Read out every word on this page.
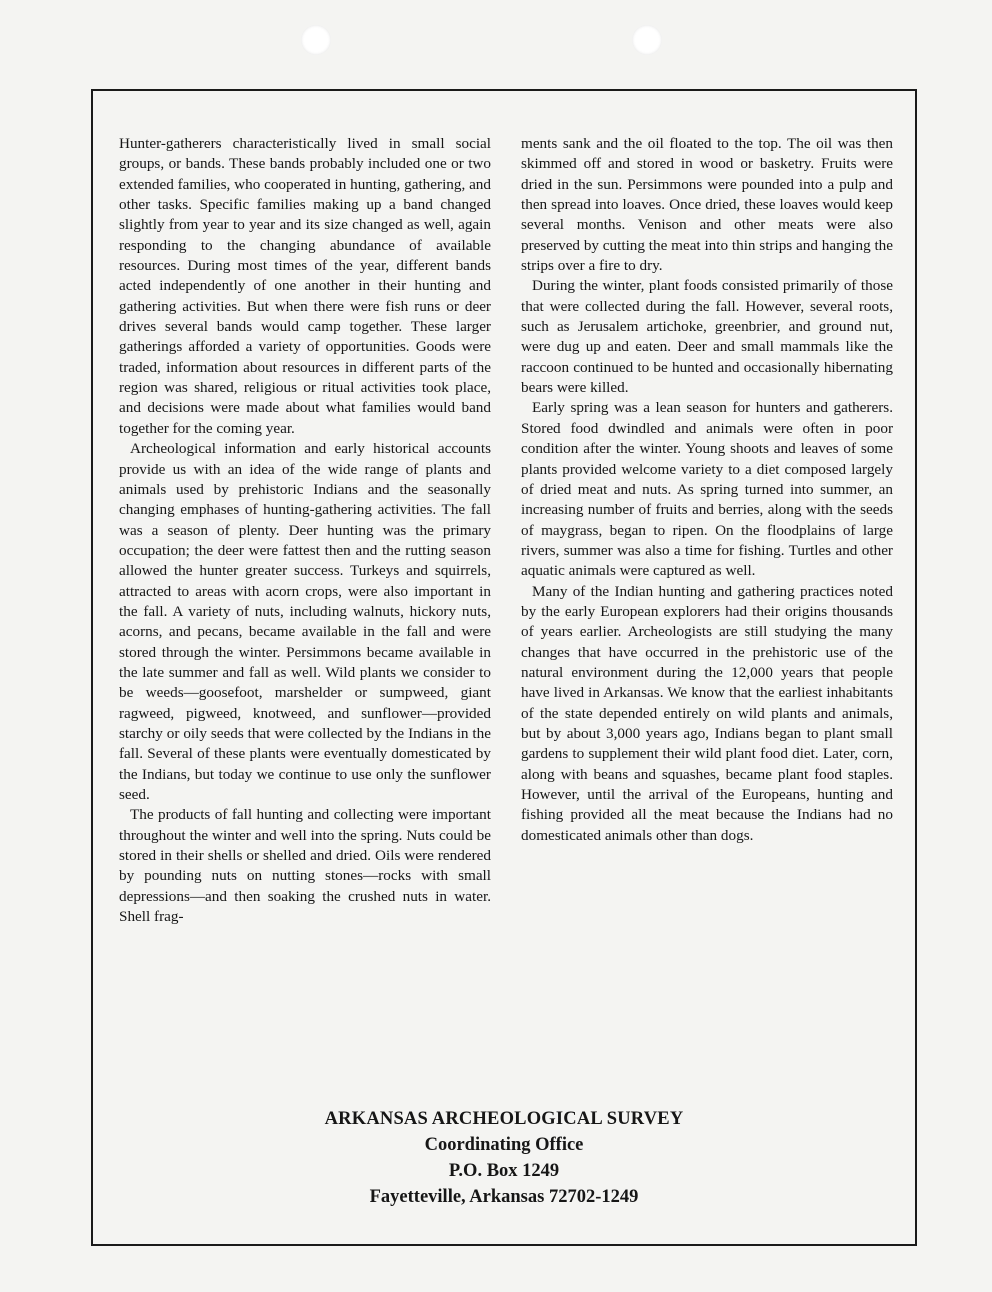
Hunter-gatherers characteristically lived in small social groups, or bands. These bands probably included one or two extended families, who cooperated in hunting, gathering, and other tasks. Specific families making up a band changed slightly from year to year and its size changed as well, again responding to the changing abundance of available resources. During most times of the year, different bands acted independently of one another in their hunting and gathering activities. But when there were fish runs or deer drives several bands would camp together. These larger gatherings afforded a variety of opportunities. Goods were traded, information about resources in different parts of the region was shared, religious or ritual activities took place, and decisions were made about what families would band together for the coming year.

Archeological information and early historical accounts provide us with an idea of the wide range of plants and animals used by prehistoric Indians and the seasonally changing emphases of hunting-gathering activities. The fall was a season of plenty. Deer hunting was the primary occupation; the deer were fattest then and the rutting season allowed the hunter greater success. Turkeys and squirrels, attracted to areas with acorn crops, were also important in the fall. A variety of nuts, including walnuts, hickory nuts, acorns, and pecans, became available in the fall and were stored through the winter. Persimmons became available in the late summer and fall as well. Wild plants we consider to be weeds—goosefoot, marshelder or sumpweed, giant ragweed, pigweed, knotweed, and sunflower—provided starchy or oily seeds that were collected by the Indians in the fall. Several of these plants were eventually domesticated by the Indians, but today we continue to use only the sunflower seed.

The products of fall hunting and collecting were important throughout the winter and well into the spring. Nuts could be stored in their shells or shelled and dried. Oils were rendered by pounding nuts on nutting stones—rocks with small depressions—and then soaking the crushed nuts in water. Shell frag-

ments sank and the oil floated to the top. The oil was then skimmed off and stored in wood or basketry. Fruits were dried in the sun. Persimmons were pounded into a pulp and then spread into loaves. Once dried, these loaves would keep several months. Venison and other meats were also preserved by cutting the meat into thin strips and hanging the strips over a fire to dry.

During the winter, plant foods consisted primarily of those that were collected during the fall. However, several roots, such as Jerusalem artichoke, greenbrier, and ground nut, were dug up and eaten. Deer and small mammals like the raccoon continued to be hunted and occasionally hibernating bears were killed.

Early spring was a lean season for hunters and gatherers. Stored food dwindled and animals were often in poor condition after the winter. Young shoots and leaves of some plants provided welcome variety to a diet composed largely of dried meat and nuts. As spring turned into summer, an increasing number of fruits and berries, along with the seeds of maygrass, began to ripen. On the floodplains of large rivers, summer was also a time for fishing. Turtles and other aquatic animals were captured as well.

Many of the Indian hunting and gathering practices noted by the early European explorers had their origins thousands of years earlier. Archeologists are still studying the many changes that have occurred in the prehistoric use of the natural environment during the 12,000 years that people have lived in Arkansas. We know that the earliest inhabitants of the state depended entirely on wild plants and animals, but by about 3,000 years ago, Indians began to plant small gardens to supplement their wild plant food diet. Later, corn, along with beans and squashes, became plant food staples. However, until the arrival of the Europeans, hunting and fishing provided all the meat because the Indians had no domesticated animals other than dogs.

ARKANSAS ARCHEOLOGICAL SURVEY
Coordinating Office
P.O. Box 1249
Fayetteville, Arkansas 72702-1249
